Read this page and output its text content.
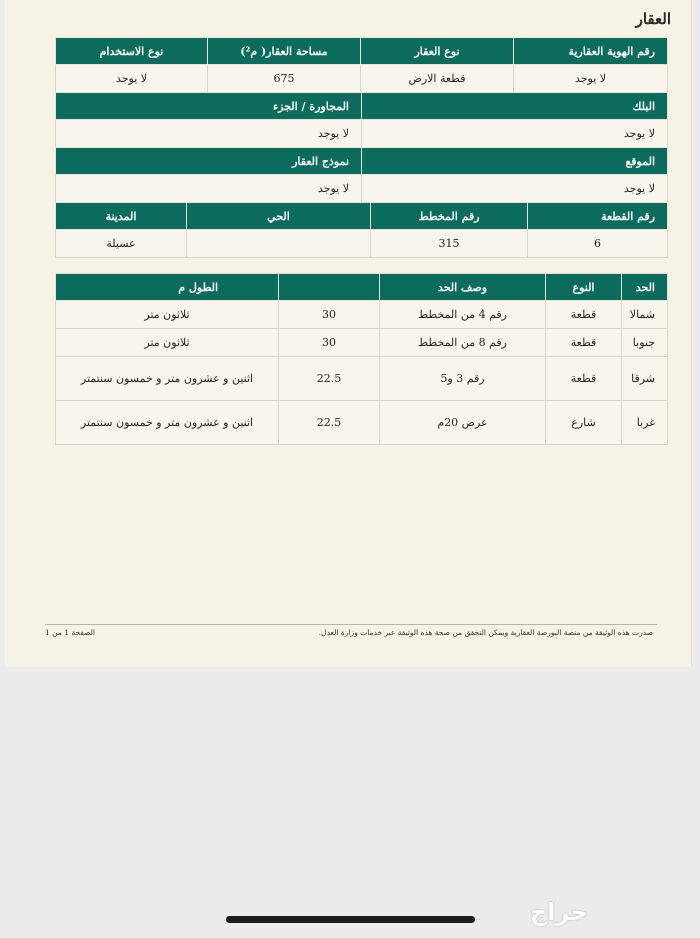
العقار
رقم الهوية العقارية	نوع العقار	مساحة العقار( م²)	نوع الاستخدام
لا يوجد	قطعة الارض	675	لا يوجد
البلك	المجاورة / الجزء
لا يوجد	لا يوجد
الموقع	نموذج العقار
لا يوجد	لا يوجد
رقم القطعة	رقم المخطط	الحي	المدينة
6	315		عسيلة
الحد	النوع	وصف الحد		الطول م
شمالا	قطعة	رقم 4 من المخطط	30	ثلاثون متر
جنوبا	قطعة	رقم 8 من المخطط	30	ثلاثون متر
شرقا	قطعة	رقم 3 و5	22.5	اثنين و عشرون متر و خمسون سنتمتر
غربا	شارع	عرض 20م	22.5	اثنين و عشرون متر و خمسون سنتمتر
صدرت هذه الوثيقة من منصة البورصة العقارية ويمكن التحقق من صحة هذه الوثيقة عبر خدمات وزارة العدل.
الصفحة 1 من 1
حراج
